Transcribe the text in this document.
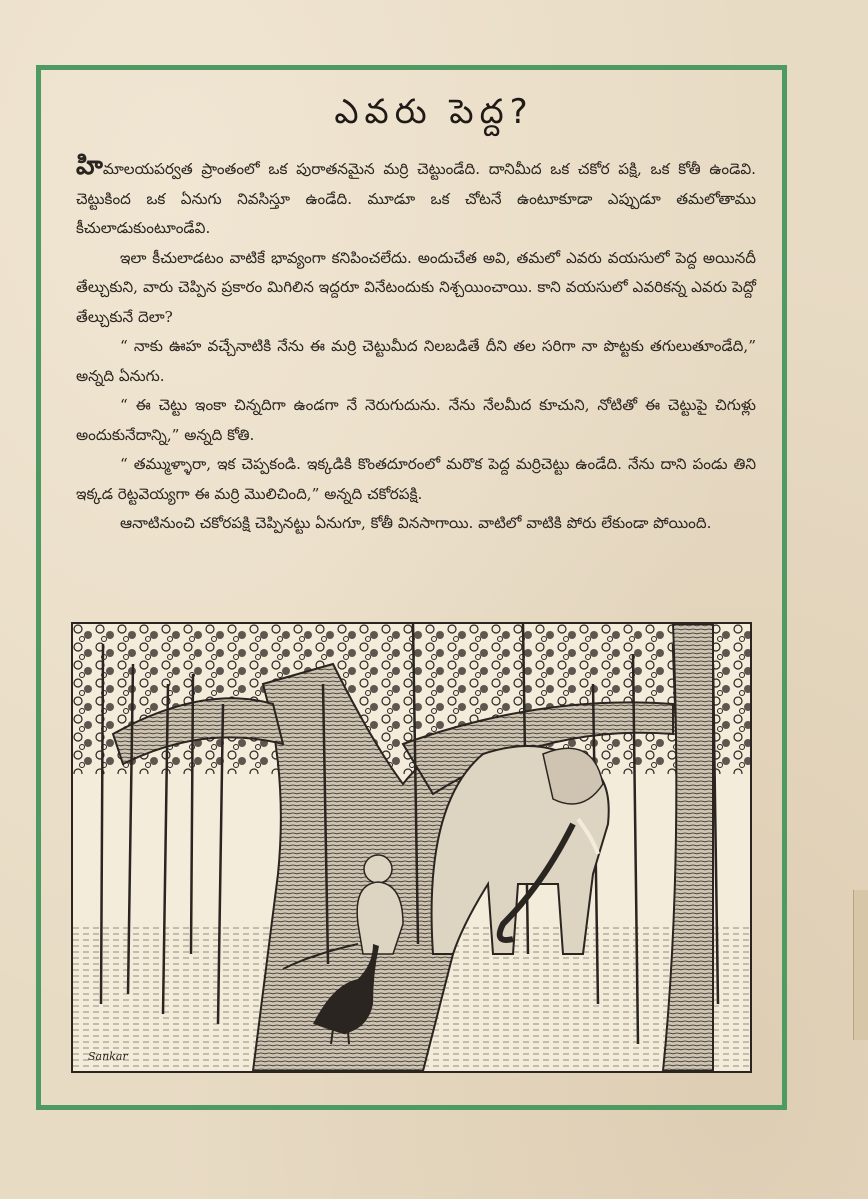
ఎవరు పెద్ద?

హిమాలయపర్వత ప్రాంతంలో ఒక పురాతనమైన మర్రి చెట్టుండేది. దానిమీద ఒక చకోర పక్షి, ఒక కోతీ ఉండెవి. చెట్టుకింద ఒక ఏనుగు నివసిస్తూ ఉండేది. మూడూ ఒక చోటనే ఉంటూకూడా ఎప్పుడూ తమలోతాము కీచులాడుకుంటూండేవి.

ఇలా కీచులాడటం వాటికే భావ్యంగా కనిపించలేదు. అందుచేత అవి, తమలో ఎవరు వయసులో పెద్ద అయినదీ తేల్చుకుని, వారు చెప్పిన ప్రకారం మిగిలిన ఇద్దరూ వినేటందుకు నిశ్చయించాయి. కాని వయసులో ఎవరికన్న ఎవరు పెద్దో తేల్చుకునే దెలా?

“ నాకు ఊహ వచ్చేనాటికి నేను ఈ మర్రి చెట్టుమీద నిలబడితే దీని తల సరిగా నా పొట్టకు తగులుతూండేది,” అన్నది ఏనుగు.

“ ఈ చెట్టు ఇంకా చిన్నదిగా ఉండగా నే నెరుగుదును. నేను నేలమీద కూచుని, నోటితో ఈ చెట్టుపై చిగుళ్లు అందుకునేదాన్ని,” అన్నది కోతి.

“ తమ్ముళ్ళారా, ఇక చెప్పకండి. ఇక్కడికి కొంతదూరంలో మరొక పెద్ద మర్రిచెట్టు ఉండేది. నేను దాని పండు తిని ఇక్కడ రెట్టవెయ్యగా ఈ మర్రి మొలిచింది,” అన్నది చకోరపక్షి.

ఆనాటినుంచి చకోరపక్షి చెప్పినట్టు ఏనుగూ, కోతీ వినసాగాయి. వాటిలో వాటికి పోరు లేకుండా పోయింది.

Sankar
